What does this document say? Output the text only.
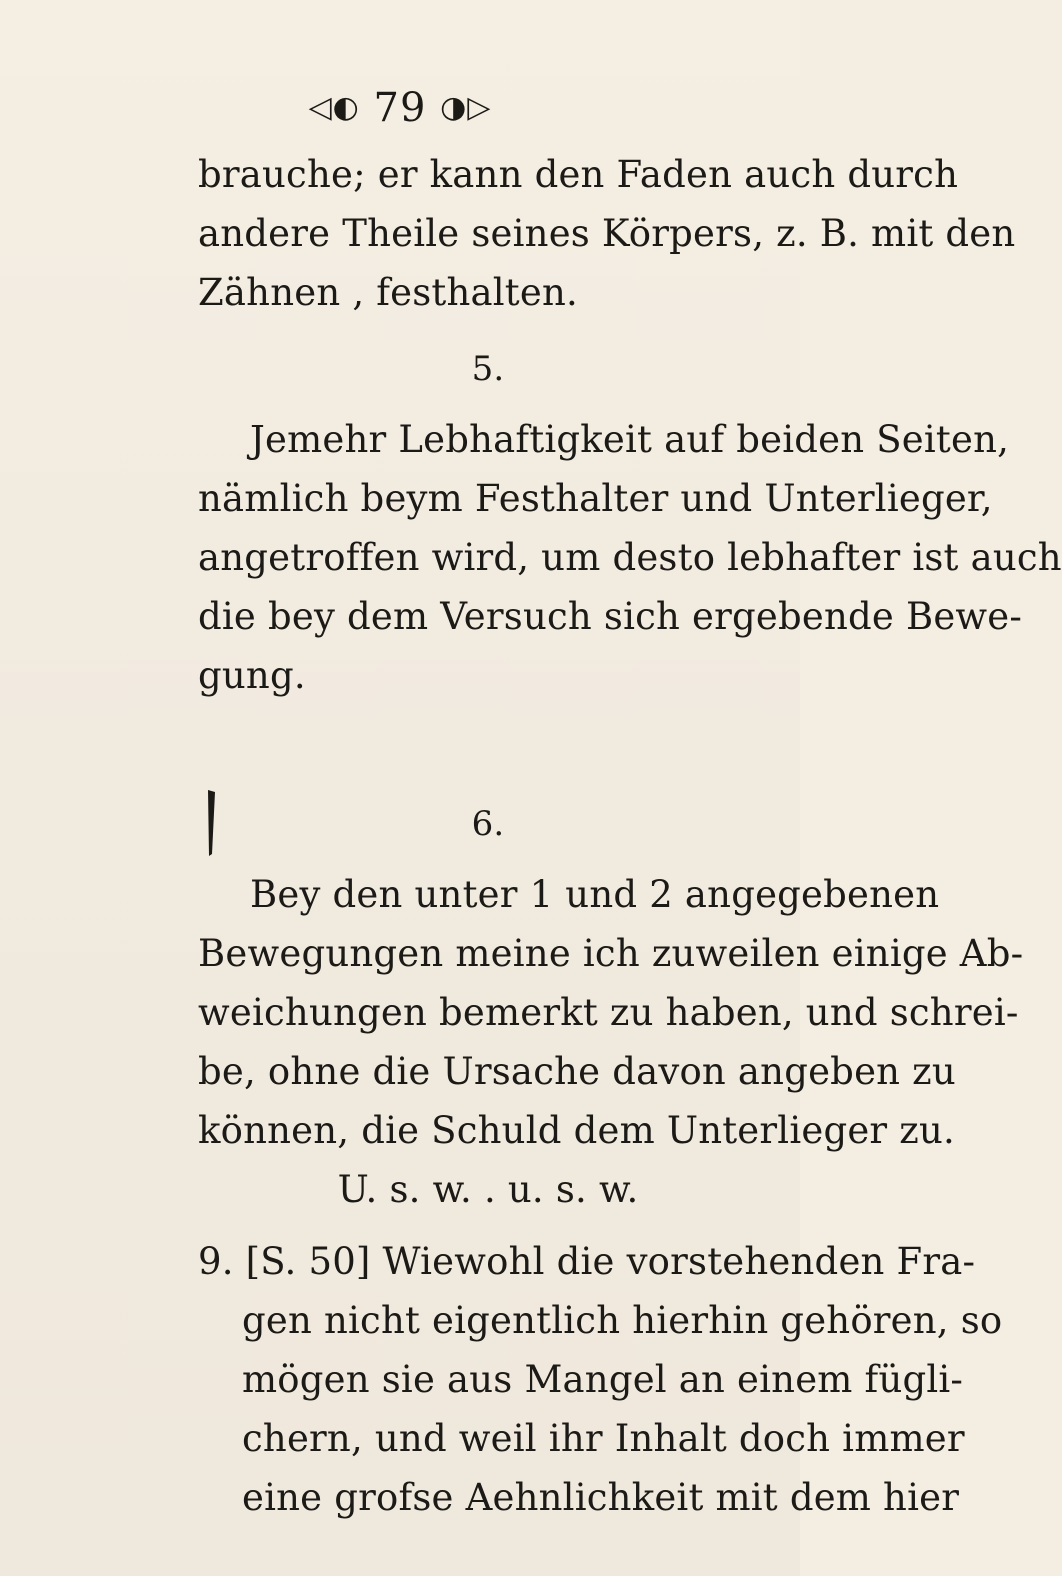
◁◐ 79 ◑▷
brauche; er kann den Faden auch durch
andere Theile seines Körpers, z. B. mit den
Zähnen , festhalten.
5.
Jemehr Lebhaftigkeit auf beiden Seiten,
nämlich beym Festhalter und Unterlieger,
angetroffen wird, um desto lebhafter ist auch
die bey dem Versuch sich ergebende Bewe-
gung.
6.
Bey den unter 1 und 2 angegebenen
Bewegungen meine ich zuweilen einige Ab-
weichungen bemerkt zu haben, und schrei-
be, ohne die Ursache davon angeben zu
können, die Schuld dem Unterlieger zu.
U. s. w. . u. s. w.
9. [S. 50] Wiewohl die vorstehenden Fra-
gen nicht eigentlich hierhin gehören, so
mögen sie aus Mangel an einem fügli-
chern, und weil ihr Inhalt doch immer
eine grofse Aehnlichkeit mit dem hier
